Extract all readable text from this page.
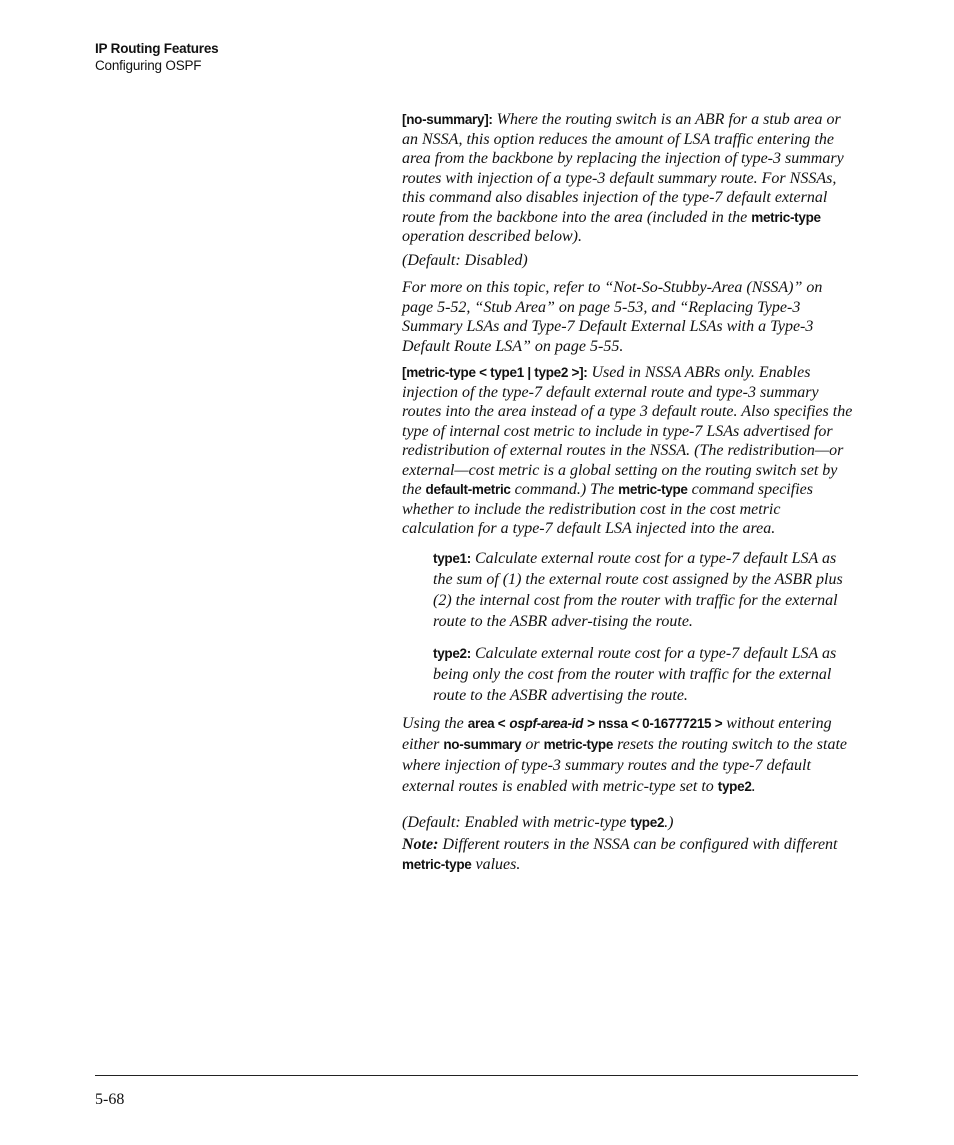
IP Routing Features
Configuring OSPF

[no-summary]: Where the routing switch is an ABR for a stub area or an NSSA, this option reduces the amount of LSA traffic entering the area from the backbone by replacing the injection of type-3 summary routes with injection of a type-3 default summary route. For NSSAs, this command also disables injection of the type-7 default external route from the backbone into the area (included in the metric-type operation described below).

(Default: Disabled)

For more on this topic, refer to “Not-So-Stubby-Area (NSSA)” on page 5-52, “Stub Area” on page 5-53, and “Replacing Type-3 Summary LSAs and Type-7 Default External LSAs with a Type-3 Default Route LSA” on page 5-55.

[metric-type < type1 | type2 >]: Used in NSSA ABRs only. Enables injection of the type-7 default external route and type-3 summary routes into the area instead of a type 3 default route. Also specifies the type of internal cost metric to include in type-7 LSAs advertised for redistribution of external routes in the NSSA. (The redistribution—or external—cost metric is a global setting on the routing switch set by the default-metric command.) The metric-type command specifies whether to include the redistribution cost in the cost metric calculation for a type-7 default LSA injected into the area.

type1: Calculate external route cost for a type-7 default LSA as the sum of (1) the external route cost assigned by the ASBR plus (2) the internal cost from the router with traffic for the external route to the ASBR adver-tising the route.

type2: Calculate external route cost for a type-7 default LSA as being only the cost from the router with traffic for the external route to the ASBR advertising the route.

Using the area < ospf-area-id > nssa < 0-16777215 > without entering either no-summary or metric-type resets the routing switch to the state where injection of type-3 summary routes and the type-7 default external routes is enabled with metric-type set to type2.

(Default: Enabled with metric-type type2.)

Note: Different routers in the NSSA can be configured with different metric-type values.

5-68
